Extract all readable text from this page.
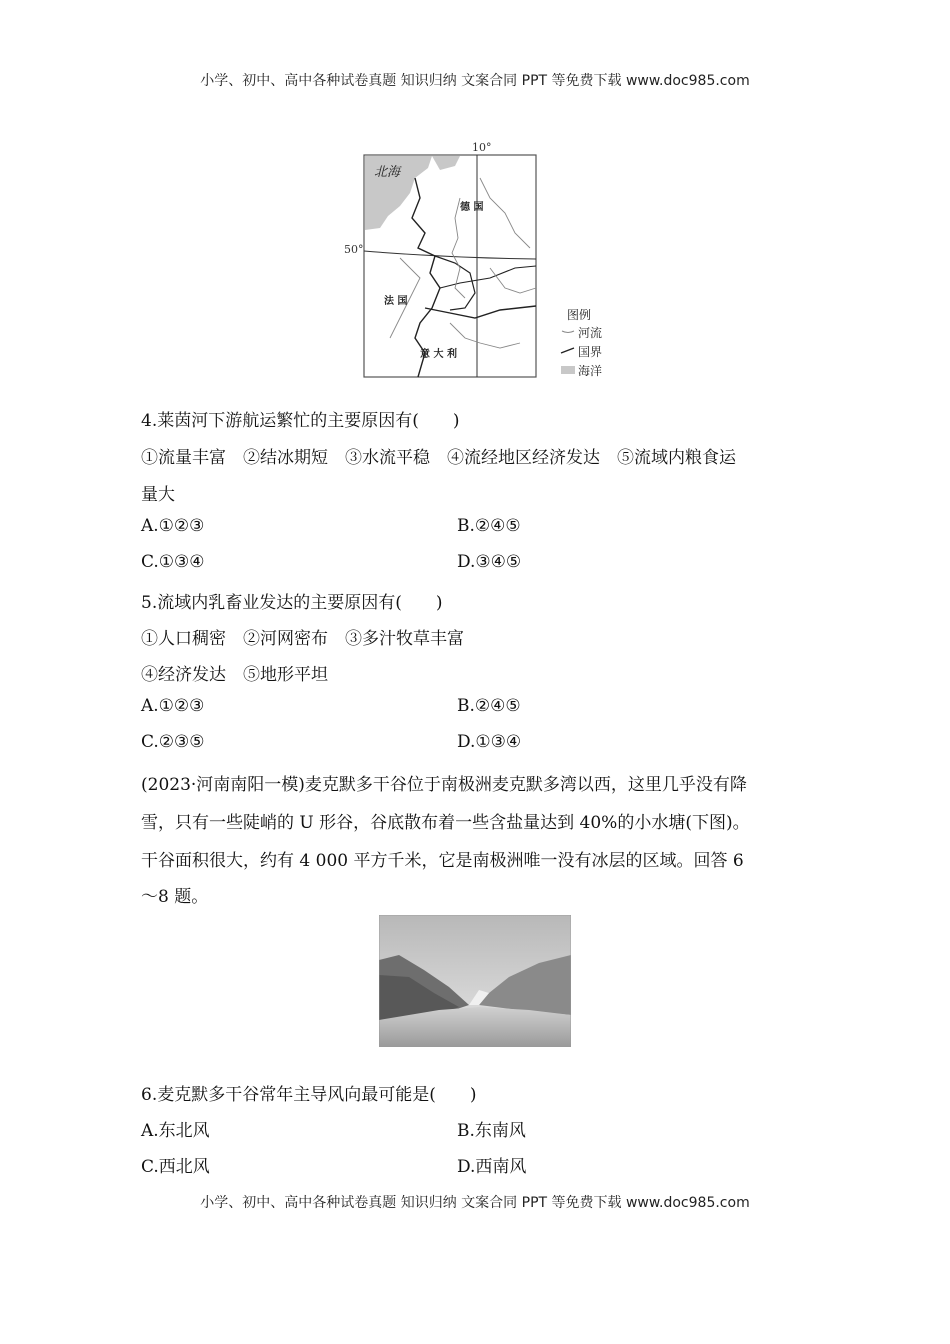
小学、初中、高中各种试卷真题 知识归纳 文案合同 PPT 等免费下载 www.doc985.com
10°
北海
50°
德 国
法 国
意 大 利
图例
河流
国界
海洋
4.莱茵河下游航运繁忙的主要原因有(　　)
①流量丰富　②结冰期短　③水流平稳　④流经地区经济发达　⑤流域内粮食运
量大
A.①②③	B.②④⑤
C.①③④	D.③④⑤
5.流域内乳畜业发达的主要原因有(　　)
①人口稠密　②河网密布　③多汁牧草丰富
④经济发达　⑤地形平坦
A.①②③	B.②④⑤
C.②③⑤	D.①③④
(2023·河南南阳一模)麦克默多干谷位于南极洲麦克默多湾以西，这里几乎没有降
雪，只有一些陡峭的 U 形谷，谷底散布着一些含盐量达到 40%的小水塘(下图)。
干谷面积很大，约有 4 000 平方千米，它是南极洲唯一没有冰层的区域。回答 6
～8 题。
6.麦克默多干谷常年主导风向最可能是(　　)
A.东北风	B.东南风
C.西北风	D.西南风
小学、初中、高中各种试卷真题 知识归纳 文案合同 PPT 等免费下载 www.doc985.com
